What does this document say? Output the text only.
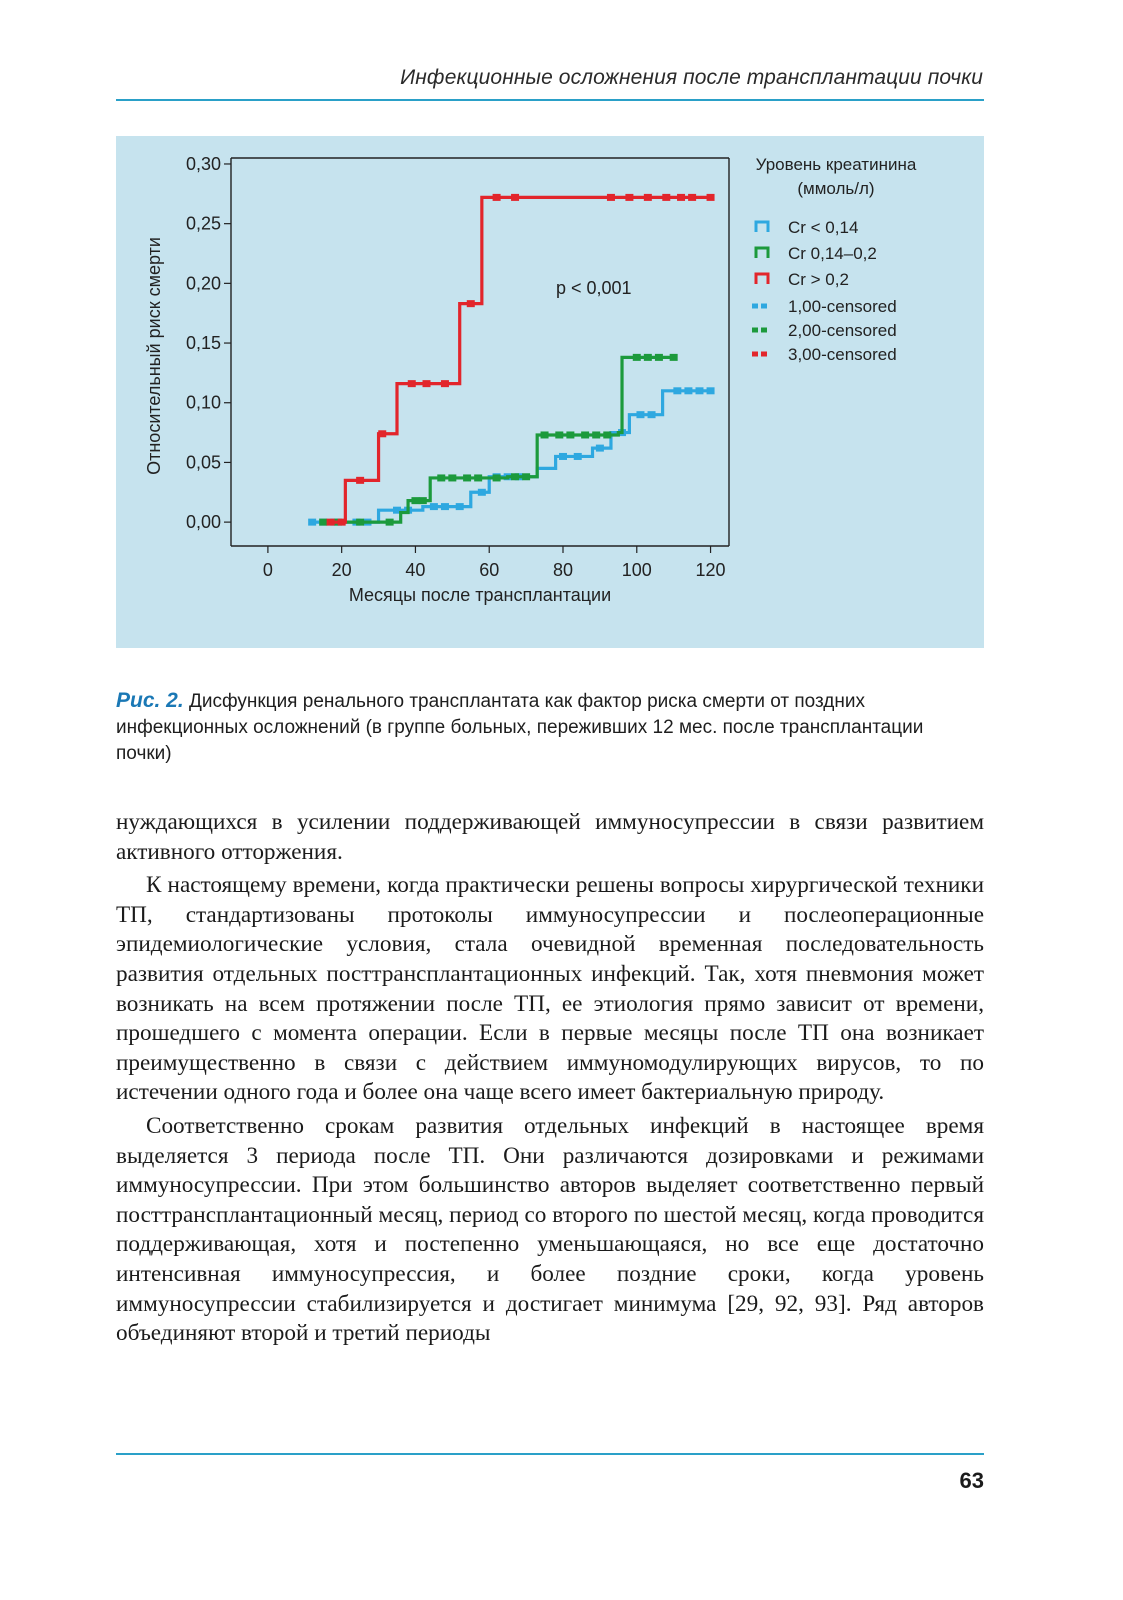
Инфекционные осложнения после трансплантации почки
0,00
0,05
0,10
0,15
0,20
0,25
0,30
0	20	40	60	80	100 120
p < 0,001
Относительный риск смерти
Месяцы после трансплантации
Уровень креатинина
(ммоль/л)
Cr < 0,14
Cr 0,14–0,2
Cr > 0,2
1,00-censored
2,00-censored
3,00-censored
Рис. 2. Дисфункция ренального трансплантата как фактор риска смерти от поздних инфекционных осложнений (в группе больных, переживших 12 мес. после трансплантации почки)

нуждающихся в усилении поддерживающей иммуносупрессии в связи развитием активного отторжения.

К настоящему времени, когда практически решены вопросы хирургической техники ТП, стандартизованы протоколы иммуносупрессии и послеоперационные эпидемиологические условия, стала очевидной временная последовательность развития отдельных посттрансплантационных инфекций. Так, хотя пневмония может возникать на всем протяжении после ТП, ее этиология прямо зависит от времени, прошедшего с момента операции. Если в первые месяцы после ТП она возникает преимущественно в связи с действием иммуномодулирующих вирусов, то по истечении одного года и более она чаще всего имеет бактериальную природу.

Соответственно срокам развития отдельных инфекций в настоящее время выделяется 3 периода после ТП. Они различаются дозировками и режимами иммуносупрессии. При этом большинство авторов выделяет соответственно первый посттрансплантационный месяц, период со второго по шестой месяц, когда проводится поддерживающая, хотя и постепенно уменьшающаяся, но все еще достаточно интенсивная иммуносупрессия, и более поздние сроки, когда уровень иммуносупрессии стабилизируется и достигает минимума [29, 92, 93]. Ряд авторов объединяют второй и третий периоды

63
